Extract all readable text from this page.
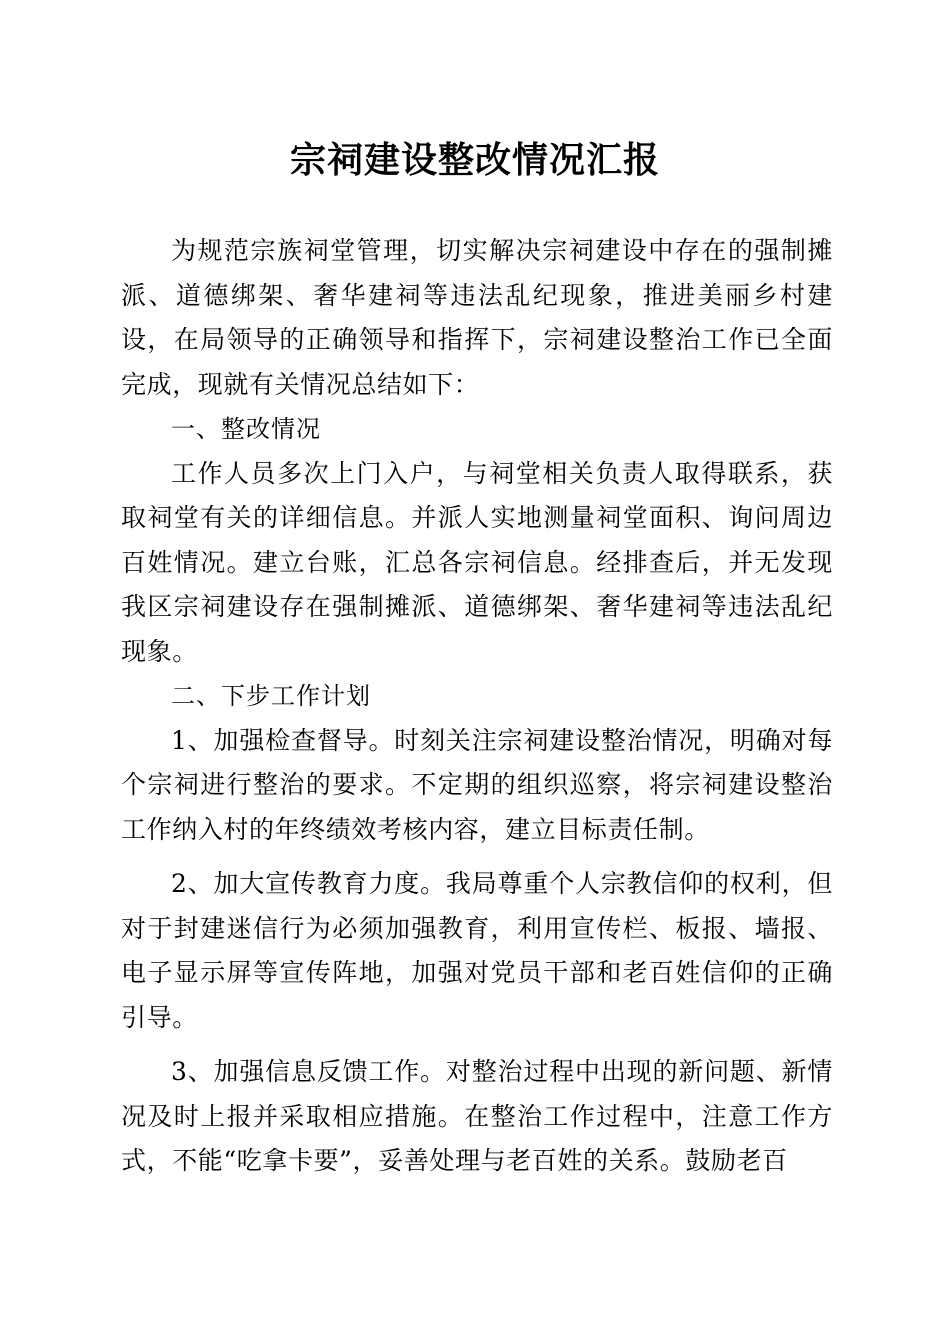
宗祠建设整改情况汇报

为规范宗族祠堂管理，切实解决宗祠建设中存在的强制摊派、道德绑架、奢华建祠等违法乱纪现象，推进美丽乡村建设，在局领导的正确领导和指挥下，宗祠建设整治工作已全面完成，现就有关情况总结如下：

一、整改情况

工作人员多次上门入户，与祠堂相关负责人取得联系，获取祠堂有关的详细信息。并派人实地测量祠堂面积、询问周边百姓情况。建立台账，汇总各宗祠信息。经排查后，并无发现我区宗祠建设存在强制摊派、道德绑架、奢华建祠等违法乱纪现象。

二、下步工作计划

1、加强检查督导。时刻关注宗祠建设整治情况，明确对每个宗祠进行整治的要求。不定期的组织巡察，将宗祠建设整治工作纳入村的年终绩效考核内容，建立目标责任制。

2、加大宣传教育力度。我局尊重个人宗教信仰的权利，但对于封建迷信行为必须加强教育，利用宣传栏、板报、墙报、电子显示屏等宣传阵地，加强对党员干部和老百姓信仰的正确引导。

3、加强信息反馈工作。对整治过程中出现的新问题、新情况及时上报并采取相应措施。在整治工作过程中，注意工作方式，不能“吃拿卡要”，妥善处理与老百姓的关系。鼓励老百
